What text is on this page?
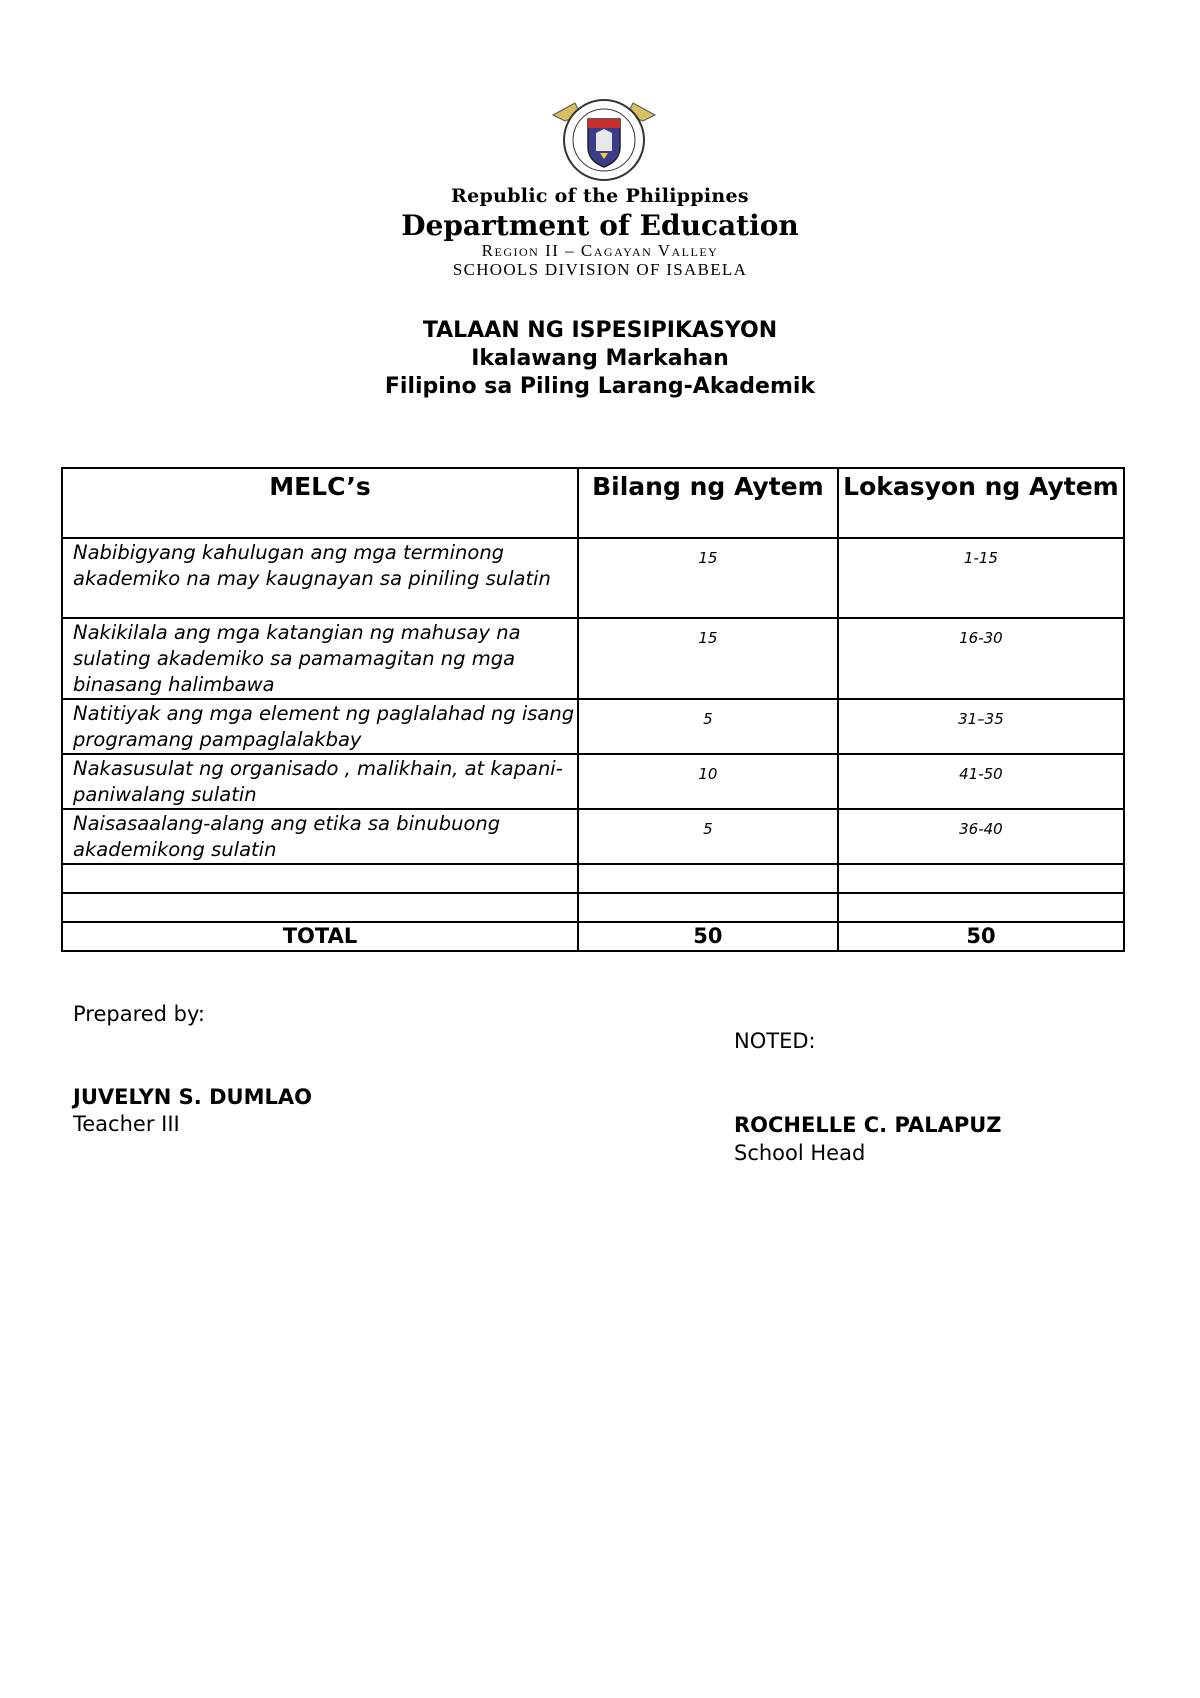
Republic of the Philippines
Department of Education
Region II – Cagayan Valley
SCHOOLS DIVISION OF ISABELA
TALAAN NG ISPESIPIKASYON
Ikalawang Markahan
Filipino sa Piling Larang-Akademik
MELC’s	Bilang ng Aytem	Lokasyon ng Aytem
Nabibigyang kahulugan ang mga terminong akademiko na may kaugnayan sa piniling sulatin	15	1-15
Nakikilala ang mga katangian ng mahusay na sulating akademiko sa pamamagitan ng mga binasang halimbawa	15	16-30
Natitiyak ang mga element ng paglalahad ng isang programang pampaglalakbay	5	31–35
Nakasusulat ng organisado , malikhain, at kapani-paniwalang sulatin	10	41-50
Naisasaalang-alang ang etika sa binubuong akademikong sulatin	5	36-40

TOTAL	50	50
Prepared by:
NOTED:
JUVELYN S. DUMLAO
Teacher III	ROCHELLE C. PALAPUZ
School Head
